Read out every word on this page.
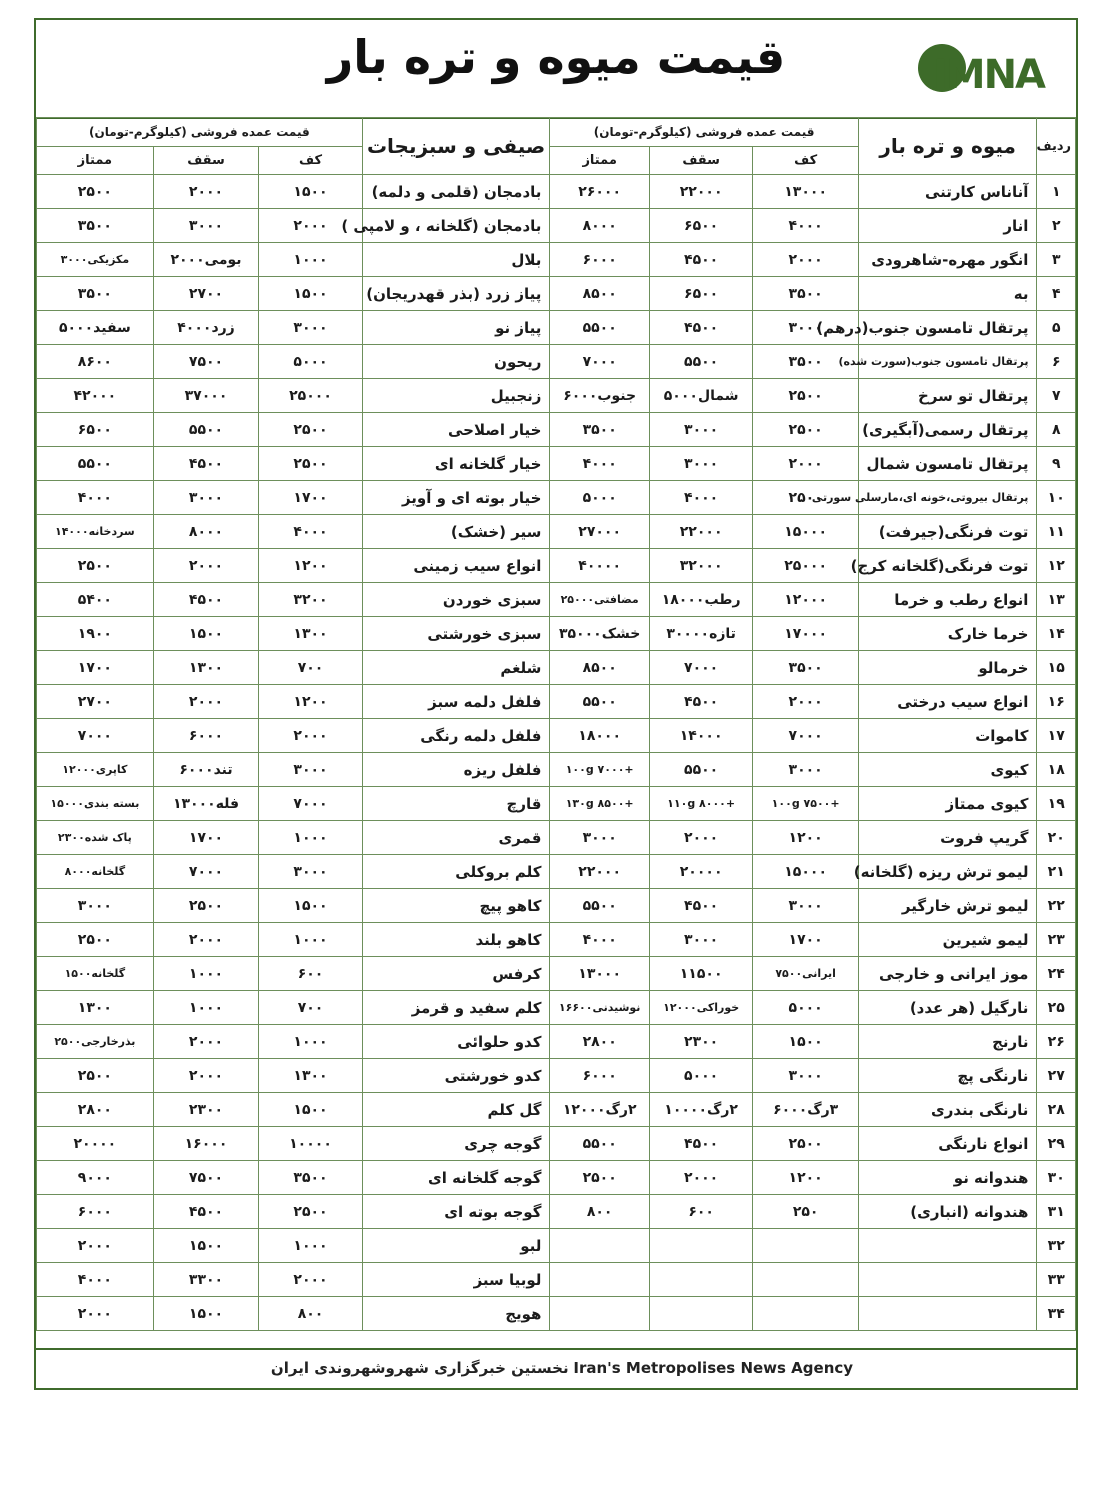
قیمت میوه و تره بار	IMNA
ردیف	میوه و تره بار	قیمت عمده فروشی (کیلوگرم-تومان)			صیفی و سبزیجات	قیمت عمده فروشی (کیلوگرم-تومان)		
		کف	سقف	ممتاز		کف	سقف	ممتاز
۱	آناناس کارتنی	۱۳۰۰۰	۲۲۰۰۰	۲۶۰۰۰	بادمجان (قلمی و دلمه)	۱۵۰۰	۲۰۰۰	۲۵۰۰
۲	انار	۴۰۰۰	۶۵۰۰	۸۰۰۰	بادمجان (گلخانه ، و لامپی )	۲۰۰۰	۳۰۰۰	۳۵۰۰
۳	انگور مهره-شاهرودی	۲۰۰۰	۴۵۰۰	۶۰۰۰	بلال	۱۰۰۰	بومی۲۰۰۰	مکزیکی۳۰۰۰
۴	به	۳۵۰۰	۶۵۰۰	۸۵۰۰	پیاز زرد (بذر قهدریجان)	۱۵۰۰	۲۷۰۰	۳۵۰۰
۵	پرتقال تامسون جنوب(درهم)	۳۰۰۰	۴۵۰۰	۵۵۰۰	پیاز نو	۳۰۰۰	زرد۴۰۰۰	سفید۵۰۰۰
۶	پرتقال تامسون جنوب(سورت شده)	۳۵۰۰	۵۵۰۰	۷۰۰۰	ریحون	۵۰۰۰	۷۵۰۰	۸۶۰۰
۷	پرتقال تو سرخ	۲۵۰۰	شمال۵۰۰۰	جنوب۶۰۰۰	زنجبیل	۲۵۰۰۰	۳۷۰۰۰	۴۲۰۰۰
۸	پرتقال رسمی(آبگیری)	۲۵۰۰	۳۰۰۰	۳۵۰۰	خیار اصلاحی	۲۵۰۰	۵۵۰۰	۶۵۰۰
۹	پرتقال تامسون شمال	۲۰۰۰	۳۰۰۰	۴۰۰۰	خیار گلخانه ای	۲۵۰۰	۴۵۰۰	۵۵۰۰
۱۰	پرتقال بیروتی،خونه ای،مارسلی سورتی	۲۵۰۰	۴۰۰۰	۵۰۰۰	خیار بوته ای و آویز	۱۷۰۰	۳۰۰۰	۴۰۰۰
۱۱	توت فرنگی(جیرفت)	۱۵۰۰۰	۲۲۰۰۰	۲۷۰۰۰	سیر (خشک)	۴۰۰۰	۸۰۰۰	سردخانه۱۴۰۰۰
۱۲	توت فرنگی(گلخانه کرج)	۲۵۰۰۰	۳۲۰۰۰	۴۰۰۰۰	انواع سیب زمینی	۱۲۰۰	۲۰۰۰	۲۵۰۰
۱۳	انواع رطب و خرما	۱۲۰۰۰	رطب۱۸۰۰۰	مضافتی۲۵۰۰۰	سبزی خوردن	۳۲۰۰	۴۵۰۰	۵۴۰۰
۱۴	خرما خارک	۱۷۰۰۰	تازه۳۰۰۰۰	خشک۳۵۰۰۰	سبزی خورشتی	۱۳۰۰	۱۵۰۰	۱۹۰۰
۱۵	خرمالو	۳۵۰۰	۷۰۰۰	۸۵۰۰	شلغم	۷۰۰	۱۳۰۰	۱۷۰۰
۱۶	انواع سیب درختی	۲۰۰۰	۴۵۰۰	۵۵۰۰	فلفل دلمه سبز	۱۲۰۰	۲۰۰۰	۲۷۰۰
۱۷	کاموات	۷۰۰۰	۱۴۰۰۰	۱۸۰۰۰	فلفل دلمه رنگی	۲۰۰۰	۶۰۰۰	۷۰۰۰
۱۸	کیوی	۳۰۰۰	۵۵۰۰	+۱۰۰g ۷۰۰۰	فلفل ریزه	۳۰۰۰	تند۶۰۰۰	کاپری۱۲۰۰۰
۱۹	کیوی ممتاز	+۱۰۰g ۷۵۰۰	+۱۱۰g ۸۰۰۰	+۱۳۰g ۸۵۰۰	قارچ	۷۰۰۰	فله۱۳۰۰۰	بسته بندی۱۵۰۰۰
۲۰	گریپ فروت	۱۲۰۰	۲۰۰۰	۳۰۰۰	قمری	۱۰۰۰	۱۷۰۰	پاک شده۲۳۰۰
۲۱	لیمو ترش ریزه (گلخانه)	۱۵۰۰۰	۲۰۰۰۰	۲۲۰۰۰	کلم بروکلی	۳۰۰۰	۷۰۰۰	گلخانه۸۰۰۰
۲۲	لیمو ترش خارگیر	۳۰۰۰	۴۵۰۰	۵۵۰۰	کاهو پیچ	۱۵۰۰	۲۵۰۰	۳۰۰۰
۲۳	لیمو شیرین	۱۷۰۰	۳۰۰۰	۴۰۰۰	کاهو بلند	۱۰۰۰	۲۰۰۰	۲۵۰۰
۲۴	موز ایرانی و خارجی	ایرانی۷۵۰۰	۱۱۵۰۰	۱۳۰۰۰	کرفس	۶۰۰	۱۰۰۰	گلخانه۱۵۰۰
۲۵	نارگیل (هر عدد)	۵۰۰۰	خوراکی۱۲۰۰۰	نوشیدنی۱۶۶۰۰	کلم سفید و قرمز	۷۰۰	۱۰۰۰	۱۳۰۰
۲۶	نارنج	۱۵۰۰	۲۳۰۰	۲۸۰۰	کدو حلوائی	۱۰۰۰	۲۰۰۰	بذرخارجی۲۵۰۰
۲۷	نارنگی پچ	۳۰۰۰	۵۰۰۰	۶۰۰۰	کدو خورشتی	۱۳۰۰	۲۰۰۰	۲۵۰۰
۲۸	نارنگی بندری	۳رگ۶۰۰۰	۲رگ۱۰۰۰۰	۲رگ۱۲۰۰۰	گل کلم	۱۵۰۰	۲۳۰۰	۲۸۰۰
۲۹	انواع نارنگی	۲۵۰۰	۴۵۰۰	۵۵۰۰	گوجه چری	۱۰۰۰۰	۱۶۰۰۰	۲۰۰۰۰
۳۰	هندوانه نو	۱۲۰۰	۲۰۰۰	۲۵۰۰	گوجه گلخانه ای	۳۵۰۰	۷۵۰۰	۹۰۰۰
۳۱	هندوانه (انباری)	۲۵۰	۶۰۰	۸۰۰	گوجه بوته ای	۲۵۰۰	۴۵۰۰	۶۰۰۰
۳۲					لبو	۱۰۰۰	۱۵۰۰	۲۰۰۰
۳۳					لوبیا سبز	۲۰۰۰	۳۳۰۰	۴۰۰۰
۳۴					هویج	۸۰۰	۱۵۰۰	۲۰۰۰
نخستین خبرگزاری شهروشهروندی ایران Iran's Metropolises News Agency
